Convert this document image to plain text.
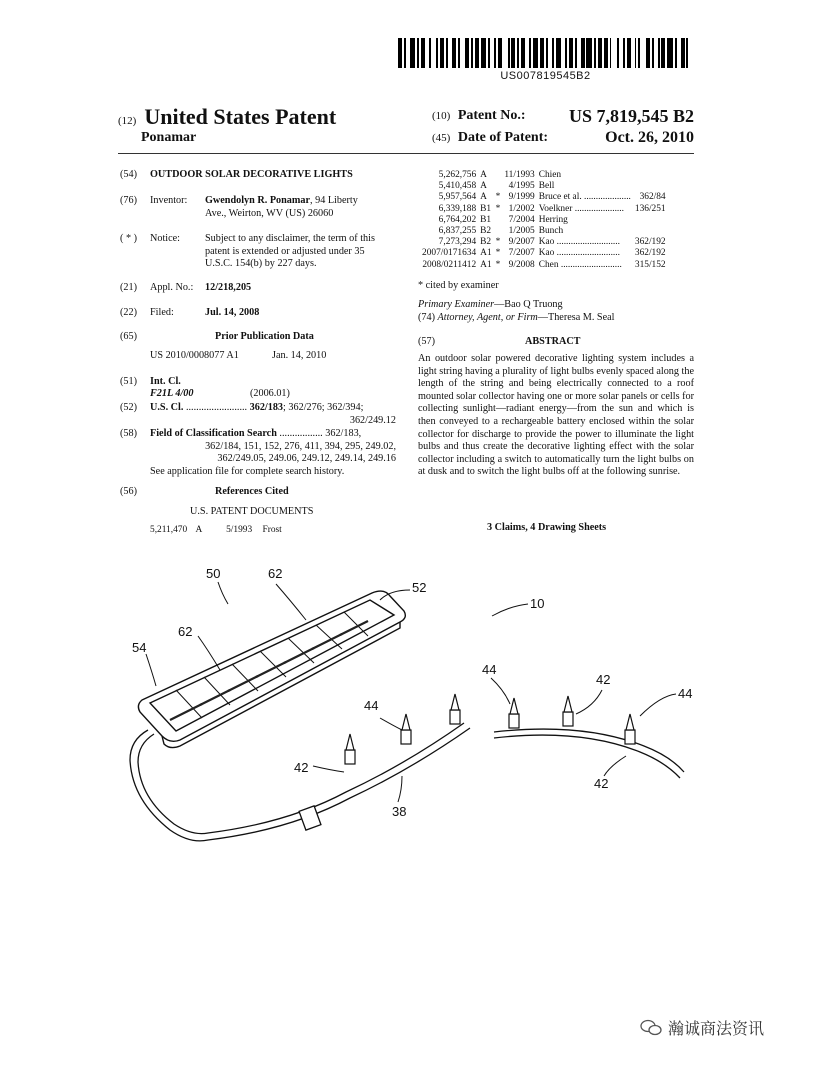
US007819545B2
(12) United States Patent
Ponamar
(10) Patent No.: US 7,819,545 B2
(45) Date of Patent:	Oct. 26, 2010
(54) OUTDOOR SOLAR DECORATIVE LIGHTS
(76) Inventor: Gwendolyn R. Ponamar, 94 Liberty
Ave., Weirton, WV (US) 26060
( * ) Notice: Subject to any disclaimer, the term of this
patent is extended or adjusted under 35
U.S.C. 154(b) by 227 days.
(21) Appl. No.: 12/218,205
(22) Filed:	Jul. 14, 2008
(65)	Prior Publication Data
US 2010/0008077 A1	Jan. 14, 2010
(51) Int. Cl.
F21L 4/00	(2006.01)
(52) U.S. Cl. ........................ 362/183; 362/276; 362/394;

362/249.12
(58) Field of Classification Search ................. 362/183,

362/184, 151, 152, 276, 411, 394, 295, 249.02,
362/249.05, 249.06, 249.12, 249.14, 249.16
See application file for complete search history.
(56)	References Cited
U.S. PATENT DOCUMENTS
5,211,470 A	5/1993 Frost
5,262,756	A		11/1993	Chien	
5,410,458	A		4/1995	Bell	
5,957,564	A	*	9/1999	Bruce et al. ....................	362/84
6,339,188	B1	*	1/2002	Voelkner .....................	136/251
6,764,202	B1		7/2004	Herring	
6,837,255	B2		1/2005	Bunch	
7,273,294	B2	*	9/2007	Kao ...........................	362/192
2007/0171634	A1	*	7/2007	Kao ...........................	362/192
2008/0211412	A1	*	9/2008	Chen ..........................	315/152
* cited by examiner
Primary Examiner—Bao Q Truong
(74) Attorney, Agent, or Firm—Theresa M. Seal
(57)	ABSTRACT
An outdoor solar powered decorative lighting system includes a light string having a plurality of light bulbs evenly spaced along the length of the string and being electrically connected to a roof mounted solar collector having one or more solar panels or cells for collecting sunlight—radiant energy—from the sun and which is then conveyed to a rechargeable battery enclosed within the solar collector for discharge to provide the power to illuminate the light bulbs and thus create the decorative lighting effect with the solar collector including a switch to automatically turn the light bulbs on at dusk and to switch the light bulbs off at the following sunrise.
3 Claims, 4 Drawing Sheets
50	62
52
62
54
10
44
42
44
42
44
42
38
瀚诚商法资讯
